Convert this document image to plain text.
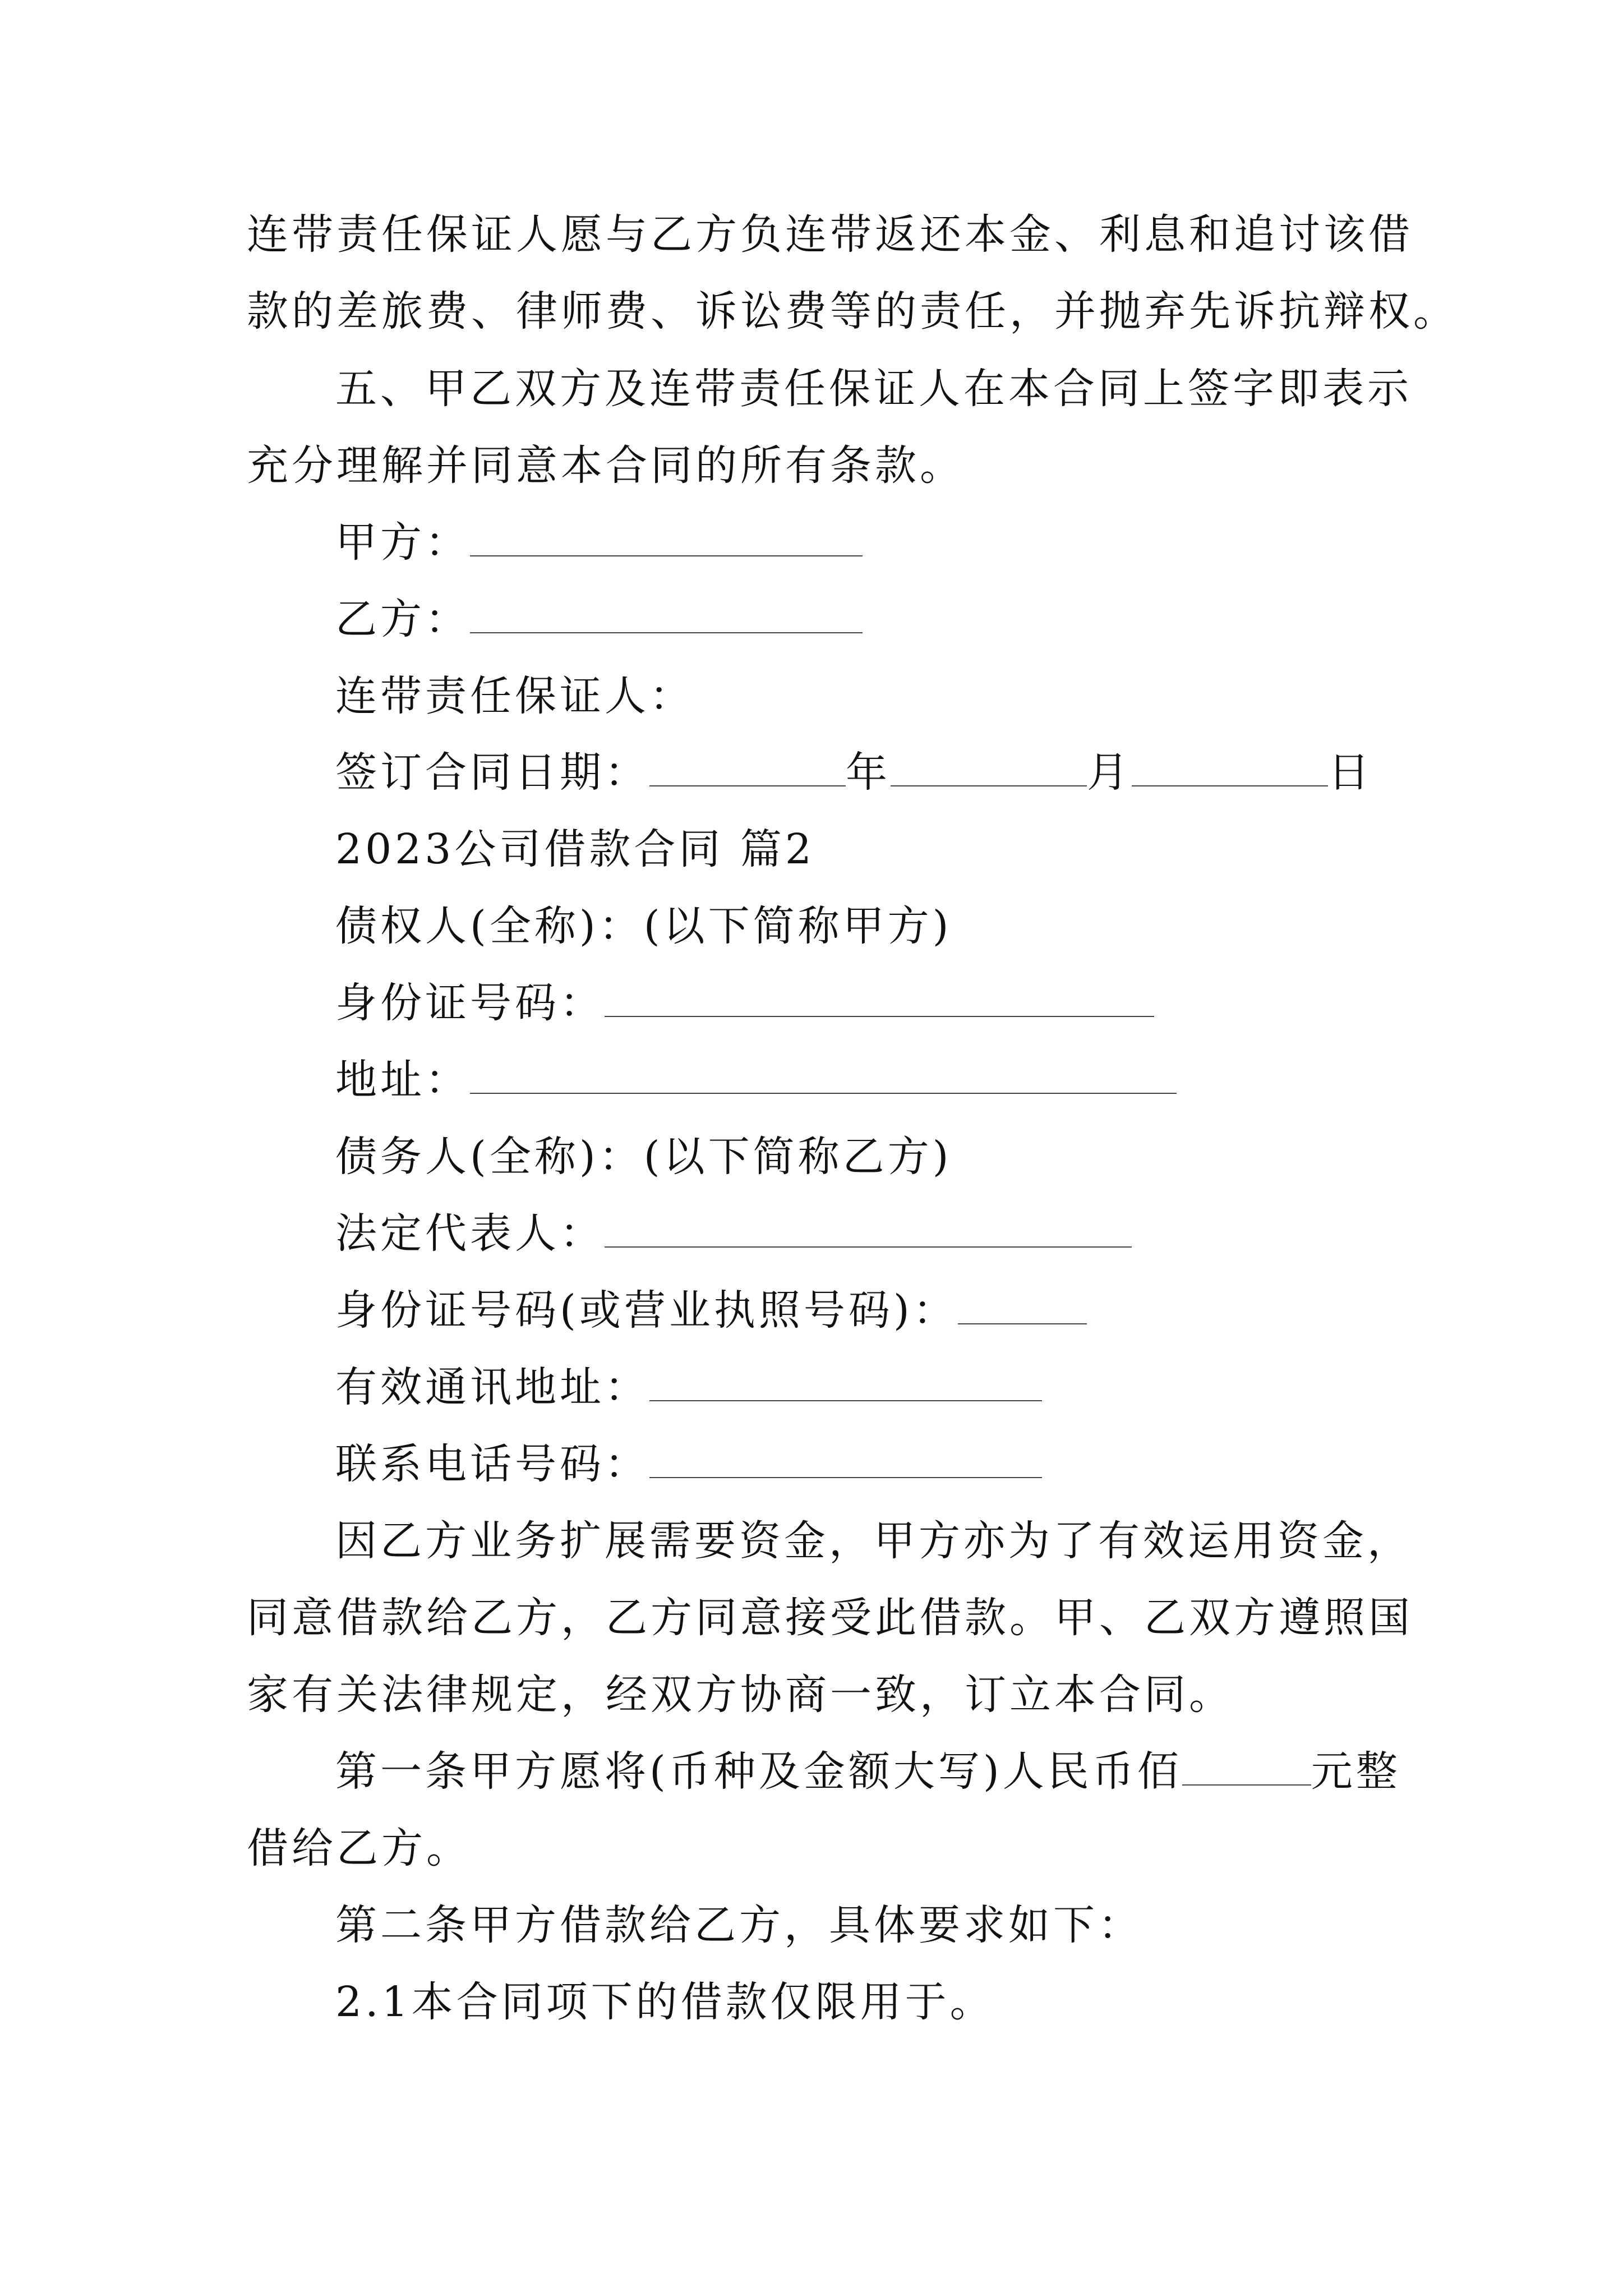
连带责任保证人愿与乙方负连带返还本金、利息和追讨该借
款的差旅费、律师费、诉讼费等的责任，并抛弃先诉抗辩权。
五、甲乙双方及连带责任保证人在本合同上签字即表示
充分理解并同意本合同的所有条款。
甲方：
乙方：
连带责任保证人：
签订合同日期：	年	月	日
2023公司借款合同 篇2
债权人(全称)：(以下简称甲方)
身份证号码：
地址：
债务人(全称)：(以下简称乙方)
法定代表人：
身份证号码(或营业执照号码)：
有效通讯地址：
联系电话号码：
因乙方业务扩展需要资金，甲方亦为了有效运用资金，
同意借款给乙方，乙方同意接受此借款。甲、乙双方遵照国
家有关法律规定，经双方协商一致，订立本合同。
第一条甲方愿将(币种及金额大写)人民币佰	元整
借给乙方。
第二条甲方借款给乙方，具体要求如下：
2.1本合同项下的借款仅限用于。
